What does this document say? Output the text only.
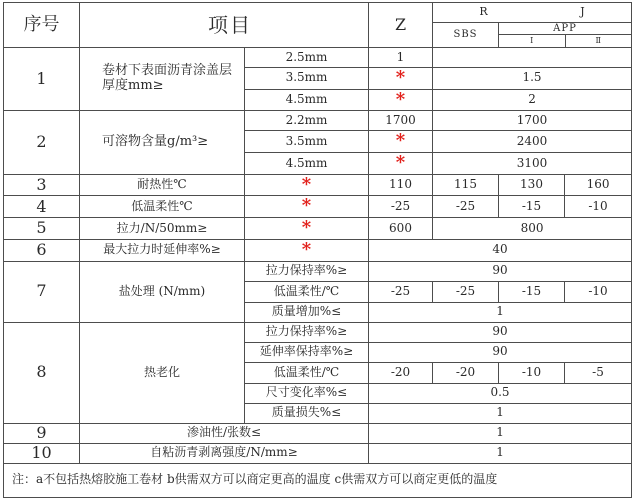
序号	项目		Z	R J		

				SBS	APP
Ⅰ Ⅱ	

1	卷材下表面沥青涂盖层厚度mm≥	2.5mm	1			
		3.5mm	*	1.5		
		4.5mm	*	2		
2	可溶物含量g/m³≥	2.2mm	1700	1700		
		3.5mm	*	2400		
		4.5mm	*	3100		
3	耐热性℃	*	110	115	130	160
4	低温柔性℃	*	-25	-25	-15	-10
5	拉力/N/50mm≥	*	600	800		
6	最大拉力时延伸率%≥	*	40			
7	盐处理 (N/mm)	拉力保持率%≥	90			
		低温柔性/℃	-25	-25	-15	-10
		质量增加%≤	1			
8	热老化	拉力保持率%≥	90			
		延伸率保持率%≥	90			
		低温柔性/℃	-20	-20	-10	-5
		尺寸变化率%≤	0.5			
		质量损失%≤	1			
9	渗油性/张数≤		1			
10	自粘沥青剥离强度/N/mm≥		1			
注：a不包括热熔胶施工卷材 b供需双方可以商定更高的温度 c供需双方可以商定更低的温度						
